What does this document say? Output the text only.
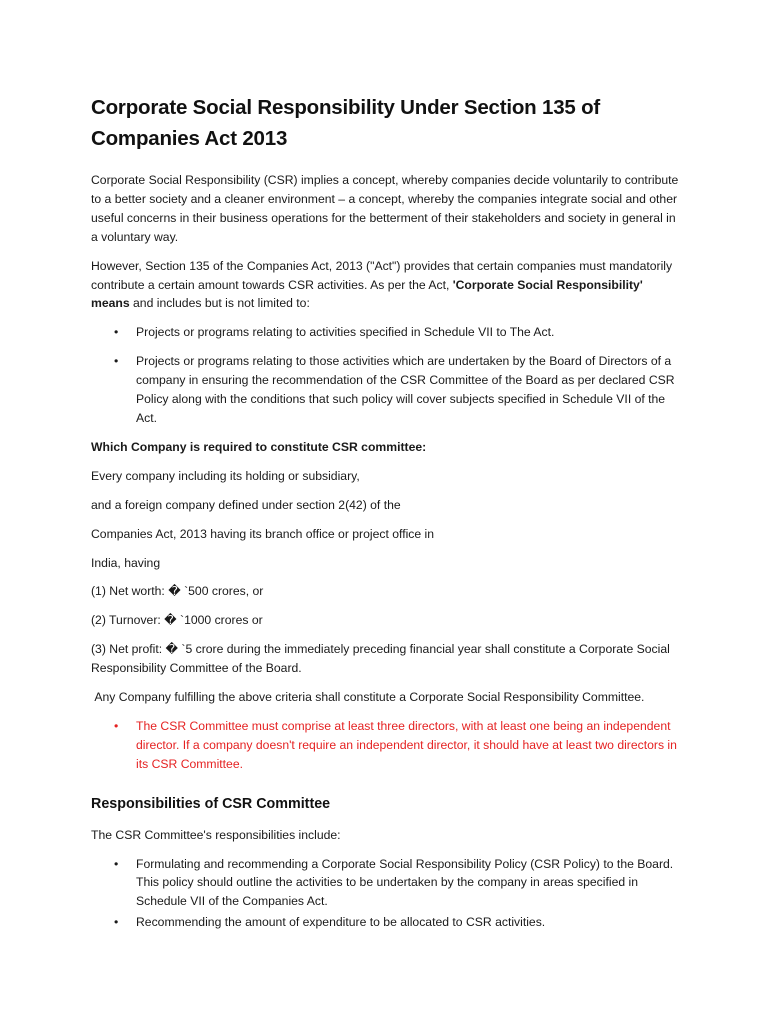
Corporate Social Responsibility Under Section 135 of Companies Act 2013

Corporate Social Responsibility (CSR) implies a concept, whereby companies decide voluntarily to contribute to a better society and a cleaner environment – a concept, whereby the companies integrate social and other useful concerns in their business operations for the betterment of their stakeholders and society in general in a voluntary way.

However, Section 135 of the Companies Act, 2013 ("Act") provides that certain companies must mandatorily contribute a certain amount towards CSR activities. As per the Act, 'Corporate Social Responsibility' means and includes but is not limited to:

• Projects or programs relating to activities specified in Schedule VII to The Act.
• Projects or programs relating to those activities which are undertaken by the Board of Directors of a company in ensuring the recommendation of the CSR Committee of the Board as per declared CSR Policy along with the conditions that such policy will cover subjects specified in Schedule VII of the Act.

Which Company is required to constitute CSR committee:

Every company including its holding or subsidiary,

and a foreign company defined under section 2(42) of the

Companies Act, 2013 having its branch office or project office in

India, having

(1) Net worth: � `500 crores, or

(2) Turnover: � `1000 crores or

(3) Net profit: � `5 crore during the immediately preceding financial year shall constitute a Corporate Social Responsibility Committee of the Board.

Any Company fulfilling the above criteria shall constitute a Corporate Social Responsibility Committee.

• The CSR Committee must comprise at least three directors, with at least one being an independent director. If a company doesn't require an independent director, it should have at least two directors in its CSR Committee.
Responsibilities of CSR Committee

The CSR Committee's responsibilities include:

• Formulating and recommending a Corporate Social Responsibility Policy (CSR Policy) to the Board. This policy should outline the activities to be undertaken by the company in areas specified in Schedule VII of the Companies Act.
• Recommending the amount of expenditure to be allocated to CSR activities.
